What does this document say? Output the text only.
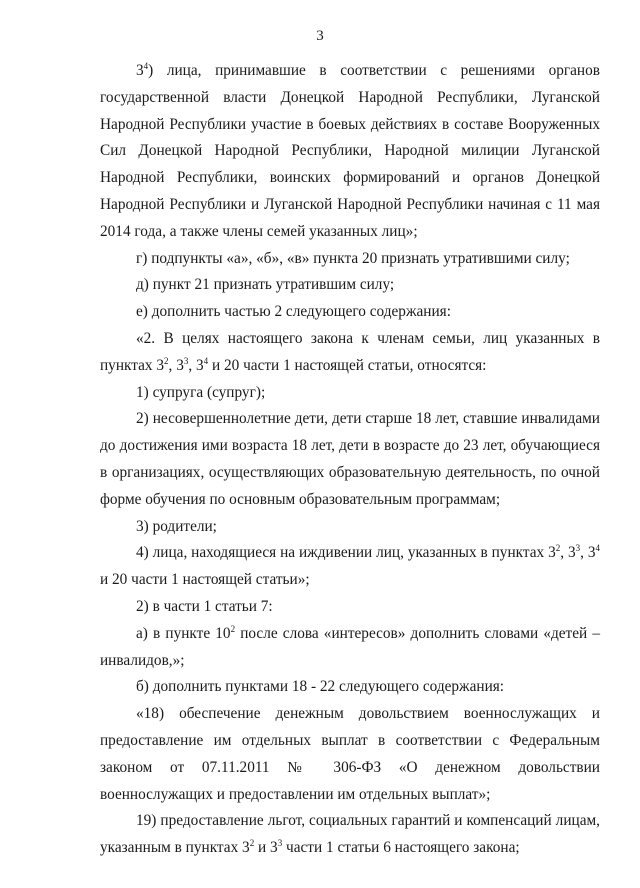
3

$3^4$) лица, принимавшие в соответствии с решениями органов государственной власти Донецкой Народной Республики, Луганской Народной Республики участие в боевых действиях в составе Вооруженных Сил Донецкой Народной Республики, Народной милиции Луганской Народной Республики, воинских формирований и органов Донецкой Народной Республики и Луганской Народной Республики начиная с 11 мая 2014 года, а также члены семей указанных лиц»;

г) подпункты «а», «б», «в» пункта 20 признать утратившими силу;

д) пункт 21 признать утратившим силу;

е) дополнить частью 2 следующего содержания:

«2. В целях настоящего закона к членам семьи, лиц указанных в пунктах $3^2$, $3^3$, $3^4$ и 20 части 1 настоящей статьи, относятся:

1) супруга (супруг);

2) несовершеннолетние дети, дети старше 18 лет, ставшие инвалидами до достижения ими возраста 18 лет, дети в возрасте до 23 лет, обучающиеся в организациях, осуществляющих образовательную деятельность, по очной форме обучения по основным образовательным программам;

3) родители;

4) лица, находящиеся на иждивении лиц, указанных в пунктах $3^2$, $3^3$, $3^4$ и 20 части 1 настоящей статьи»;

2) в части 1 статьи 7:

а) в пункте $10^2$ после слова «интересов» дополнить словами «детей – инвалидов,»;

б) дополнить пунктами 18 - 22 следующего содержания:

«18) обеспечение денежным довольствием военнослужащих и предоставление им отдельных выплат в соответствии с Федеральным законом от 07.11.2011 № 306-ФЗ «О денежном довольствии военнослужащих и предоставлении им отдельных выплат»;

19) предоставление льгот, социальных гарантий и компенсаций лицам, указанным в пунктах $3^2$ и $3^3$ части 1 статьи 6 настоящего закона;
